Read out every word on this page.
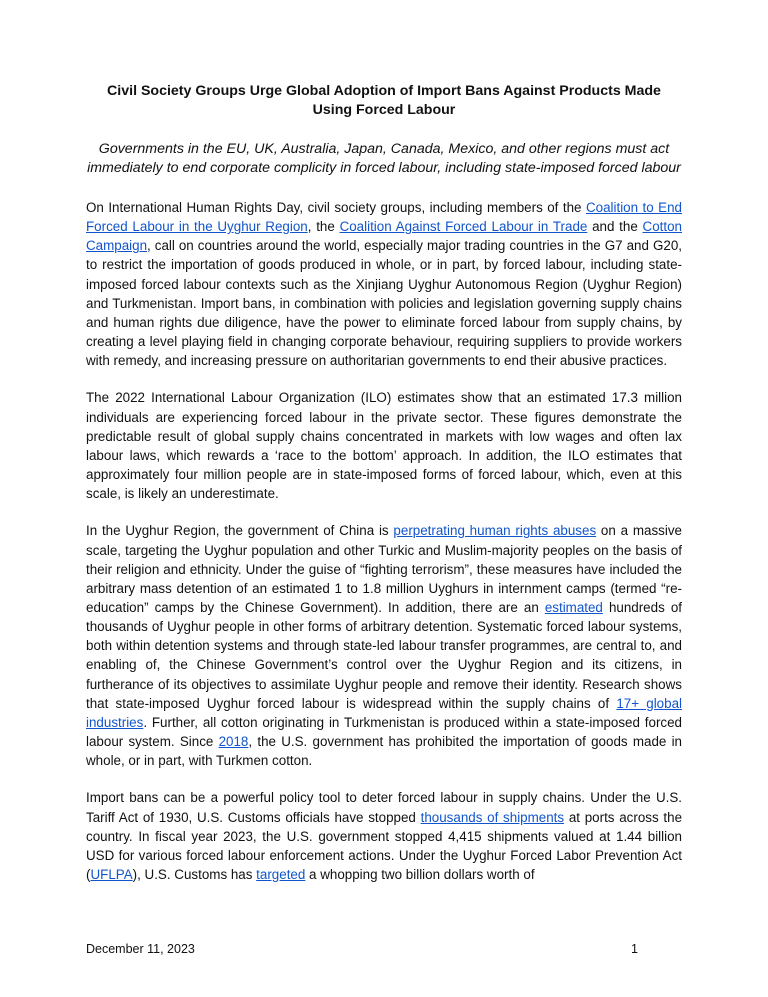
Civil Society Groups Urge Global Adoption of Import Bans Against Products Made Using Forced Labour
Governments in the EU, UK, Australia, Japan, Canada, Mexico, and other regions must act immediately to end corporate complicity in forced labour, including state-imposed forced labour

On International Human Rights Day, civil society groups, including members of the Coalition to End Forced Labour in the Uyghur Region, the Coalition Against Forced Labour in Trade and the Cotton Campaign, call on countries around the world, especially major trading countries in the G7 and G20, to restrict the importation of goods produced in whole, or in part, by forced labour, including state-imposed forced labour contexts such as the Xinjiang Uyghur Autonomous Region (Uyghur Region) and Turkmenistan. Import bans, in combination with policies and legislation governing supply chains and human rights due diligence, have the power to eliminate forced labour from supply chains, by creating a level playing field in changing corporate behaviour, requiring suppliers to provide workers with remedy, and increasing pressure on authoritarian governments to end their abusive practices.

The 2022 International Labour Organization (ILO) estimates show that an estimated 17.3 million individuals are experiencing forced labour in the private sector. These figures demonstrate the predictable result of global supply chains concentrated in markets with low wages and often lax labour laws, which rewards a ‘race to the bottom’ approach. In addition, the ILO estimates that approximately four million people are in state-imposed forms of forced labour, which, even at this scale, is likely an underestimate.

In the Uyghur Region, the government of China is perpetrating human rights abuses on a massive scale, targeting the Uyghur population and other Turkic and Muslim-majority peoples on the basis of their religion and ethnicity. Under the guise of “fighting terrorism”, these measures have included the arbitrary mass detention of an estimated 1 to 1.8 million Uyghurs in internment camps (termed “re-education” camps by the Chinese Government). In addition, there are an estimated hundreds of thousands of Uyghur people in other forms of arbitrary detention. Systematic forced labour systems, both within detention systems and through state-led labour transfer programmes, are central to, and enabling of, the Chinese Government’s control over the Uyghur Region and its citizens, in furtherance of its objectives to assimilate Uyghur people and remove their identity. Research shows that state-imposed Uyghur forced labour is widespread within the supply chains of 17+ global industries. Further, all cotton originating in Turkmenistan is produced within a state-imposed forced labour system. Since 2018, the U.S. government has prohibited the importation of goods made in whole, or in part, with Turkmen cotton.

Import bans can be a powerful policy tool to deter forced labour in supply chains. Under the U.S. Tariff Act of 1930, U.S. Customs officials have stopped thousands of shipments at ports across the country. In fiscal year 2023, the U.S. government stopped 4,415 shipments valued at 1.44 billion USD for various forced labour enforcement actions. Under the Uyghur Forced Labor Prevention Act (UFLPA), U.S. Customs has targeted a whopping two billion dollars worth of

December 11, 2023	1
